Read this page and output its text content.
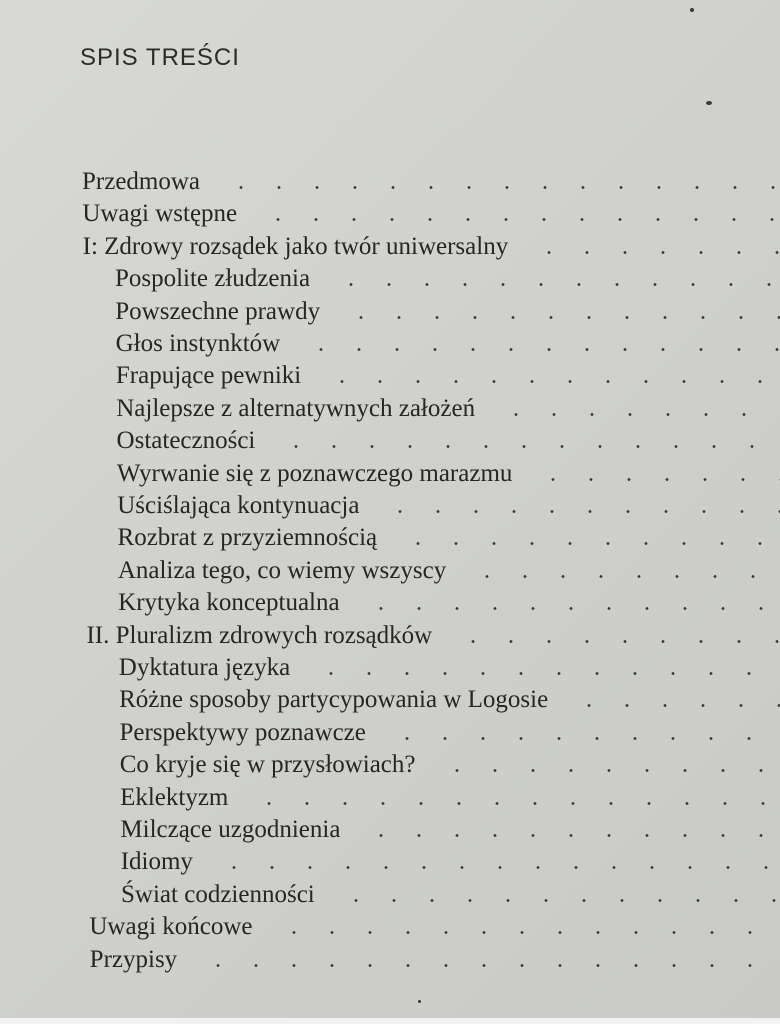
SPIS TREŚCI
Przedmowa
Uwagi wstępne
I: Zdrowy rozsądek jako twór uniwersalny
Pospolite złudzenia
Powszechne prawdy
Głos instynktów
Frapujące pewniki
Najlepsze z alternatywnych założeń
Ostateczności
Wyrwanie się z poznawczego marazmu
Uściślająca kontynuacja
Rozbrat z przyziemnością
Analiza tego, co wiemy wszyscy
Krytyka konceptualna
II. Pluralizm zdrowych rozsądków
Dyktatura języka
Różne sposoby partycypowania w Logosie
Perspektywy poznawcze
Co kryje się w przysłowiach?
Eklektyzm
Milczące uzgodnienia
Idiomy
Świat codzienności
Uwagi końcowe
Przypisy
